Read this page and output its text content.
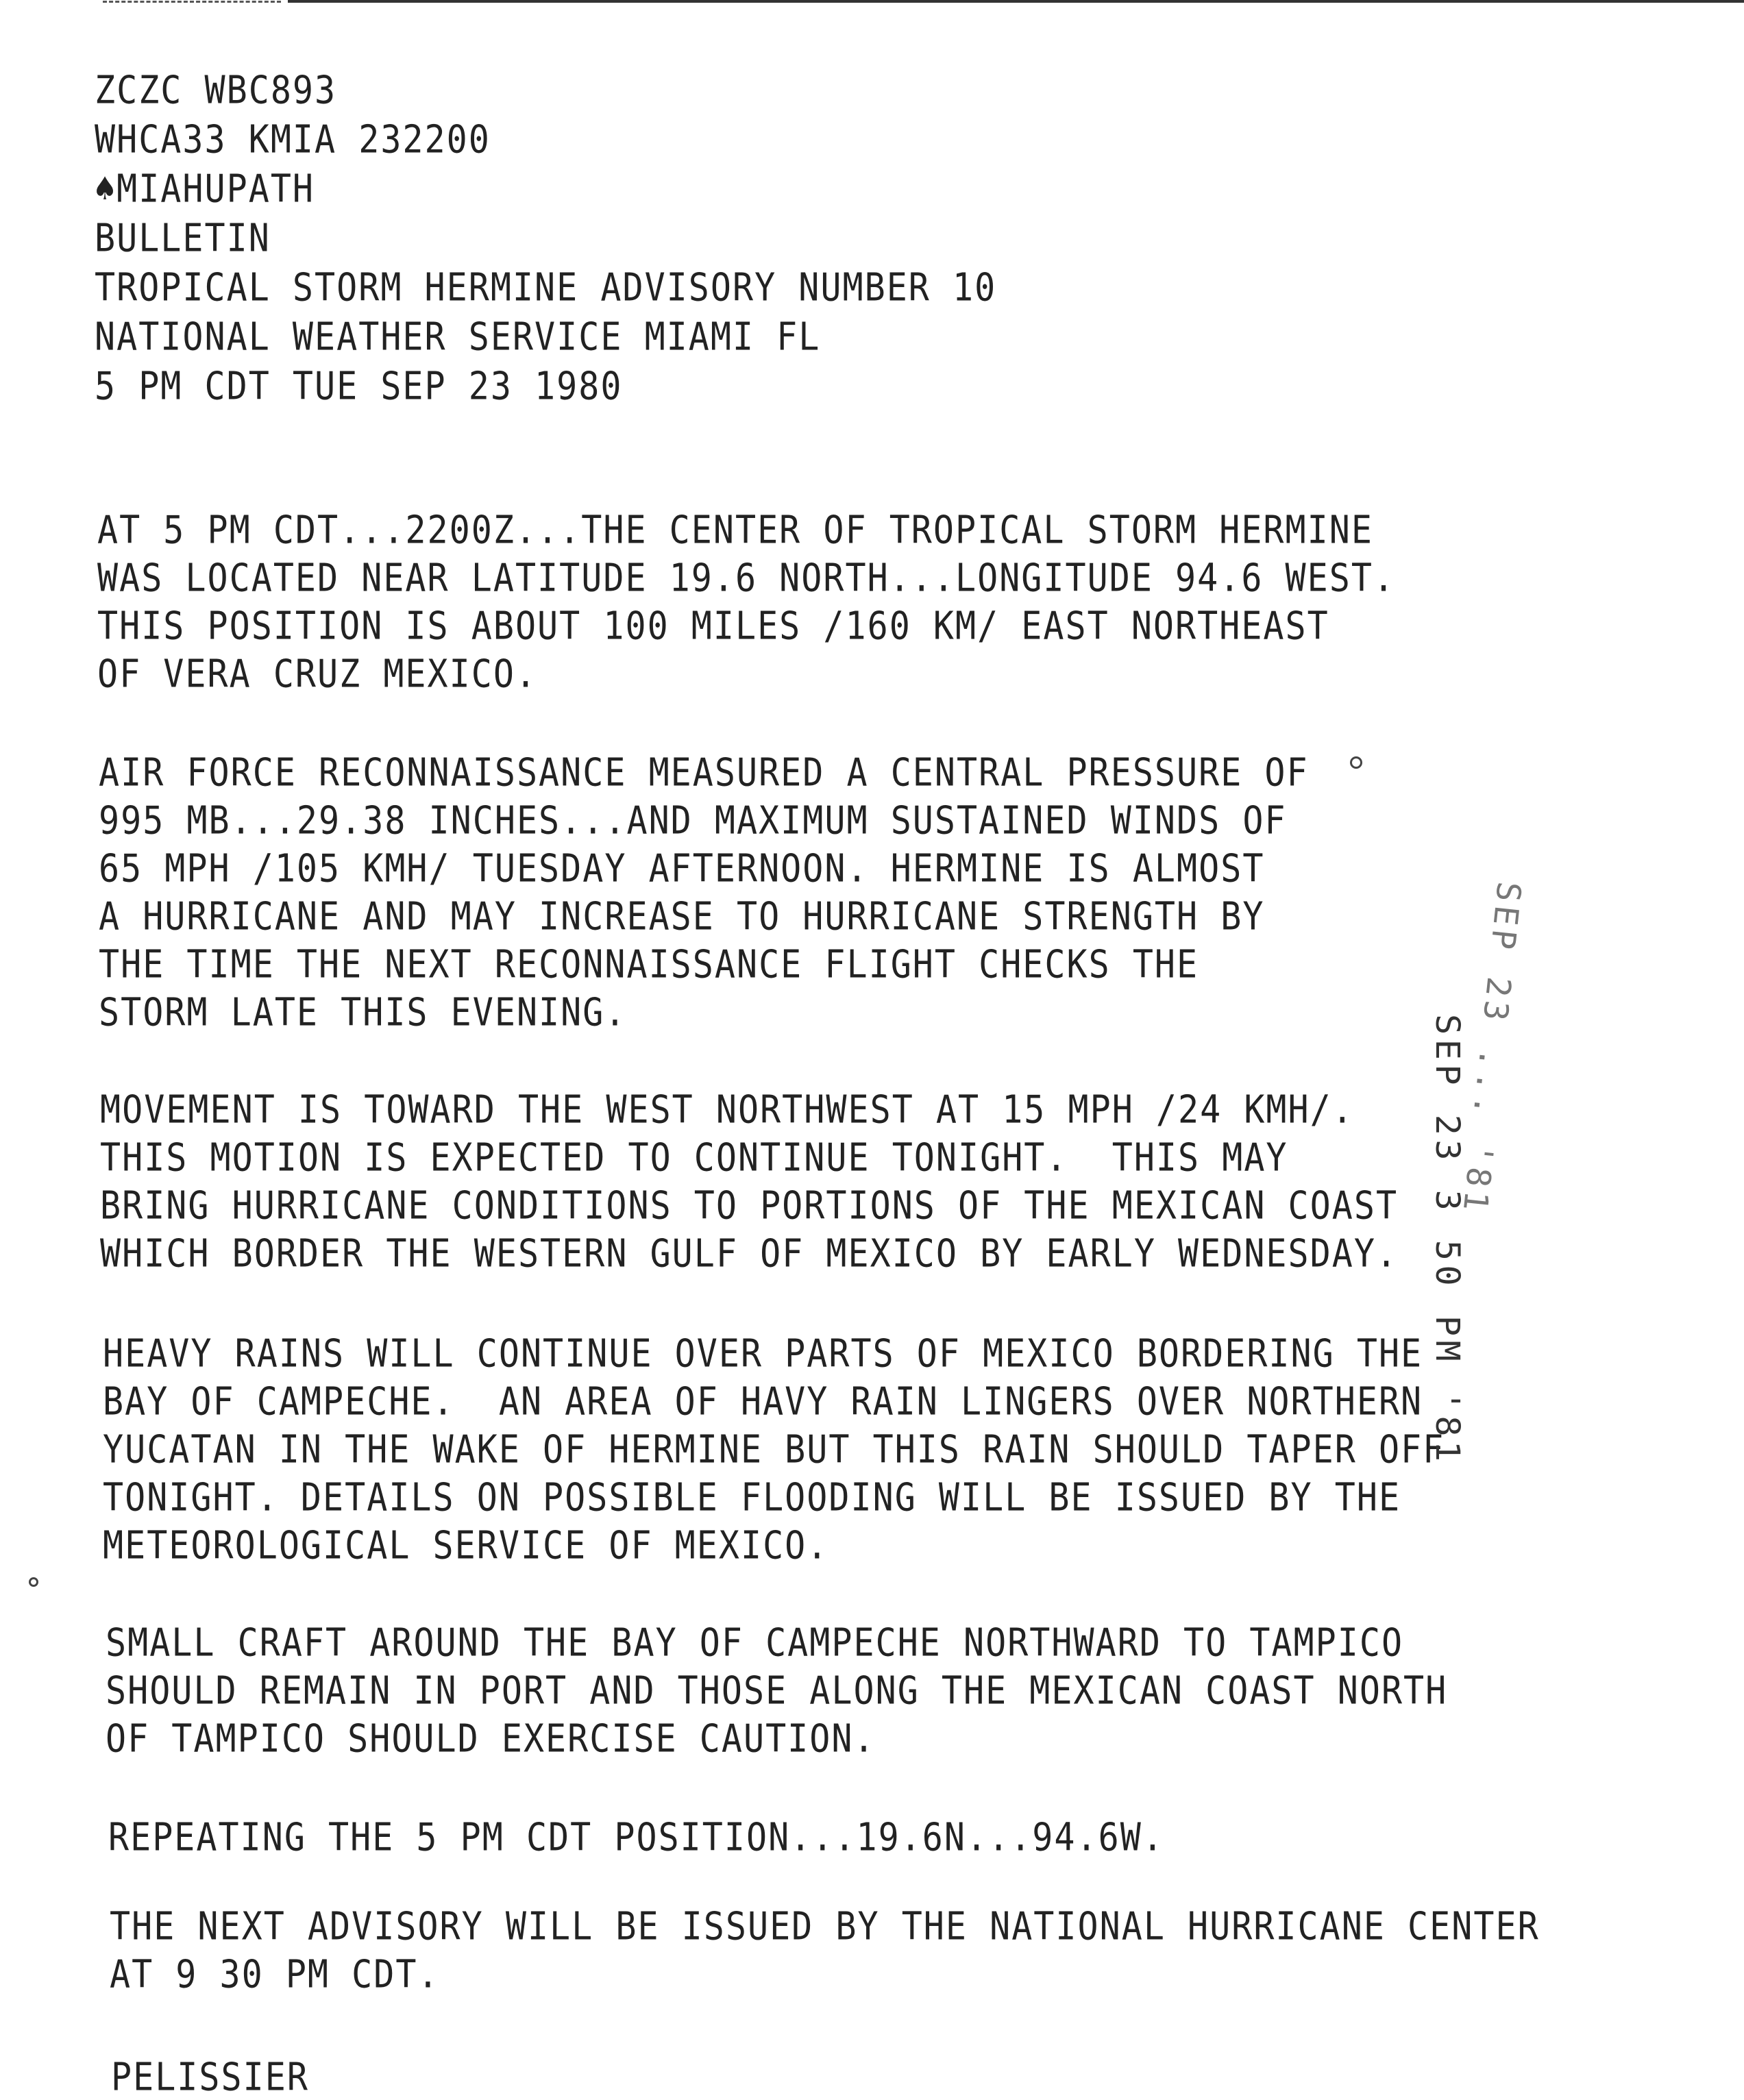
ZCZC WBC893
WHCA33 KMIA 232200
♠MIAHUPATH
BULLETIN
TROPICAL STORM HERMINE ADVISORY NUMBER 10
NATIONAL WEATHER SERVICE MIAMI FL
5 PM CDT TUE SEP 23 1980
AT 5 PM CDT...2200Z...THE CENTER OF TROPICAL STORM HERMINE
WAS LOCATED NEAR LATITUDE 19.6 NORTH...LONGITUDE 94.6 WEST.
THIS POSITION IS ABOUT 100 MILES /160 KM/ EAST NORTHEAST
OF VERA CRUZ MEXICO.
AIR FORCE RECONNAISSANCE MEASURED A CENTRAL PRESSURE OF
995 MB...29.38 INCHES...AND MAXIMUM SUSTAINED WINDS OF
65 MPH /105 KMH/ TUESDAY AFTERNOON. HERMINE IS ALMOST
A HURRICANE AND MAY INCREASE TO HURRICANE STRENGTH BY
THE TIME THE NEXT RECONNAISSANCE FLIGHT CHECKS THE
STORM LATE THIS EVENING.
MOVEMENT IS TOWARD THE WEST NORTHWEST AT 15 MPH /24 KMH/.
THIS MOTION IS EXPECTED TO CONTINUE TONIGHT.  THIS MAY
BRING HURRICANE CONDITIONS TO PORTIONS OF THE MEXICAN COAST
WHICH BORDER THE WESTERN GULF OF MEXICO BY EARLY WEDNESDAY.
HEAVY RAINS WILL CONTINUE OVER PARTS OF MEXICO BORDERING THE
BAY OF CAMPECHE.  AN AREA OF HAVY RAIN LINGERS OVER NORTHERN
YUCATAN IN THE WAKE OF HERMINE BUT THIS RAIN SHOULD TAPER OFF
TONIGHT. DETAILS ON POSSIBLE FLOODING WILL BE ISSUED BY THE
METEOROLOGICAL SERVICE OF MEXICO.
SMALL CRAFT AROUND THE BAY OF CAMPECHE NORTHWARD TO TAMPICO
SHOULD REMAIN IN PORT AND THOSE ALONG THE MEXICAN COAST NORTH
OF TAMPICO SHOULD EXERCISE CAUTION.
REPEATING THE 5 PM CDT POSITION...19.6N...94.6W.
THE NEXT ADVISORY WILL BE ISSUED BY THE NATIONAL HURRICANE CENTER
AT 9 30 PM CDT.
PELISSIER
SEP 23 3 50 PM '81
SEP 23 ... '81
